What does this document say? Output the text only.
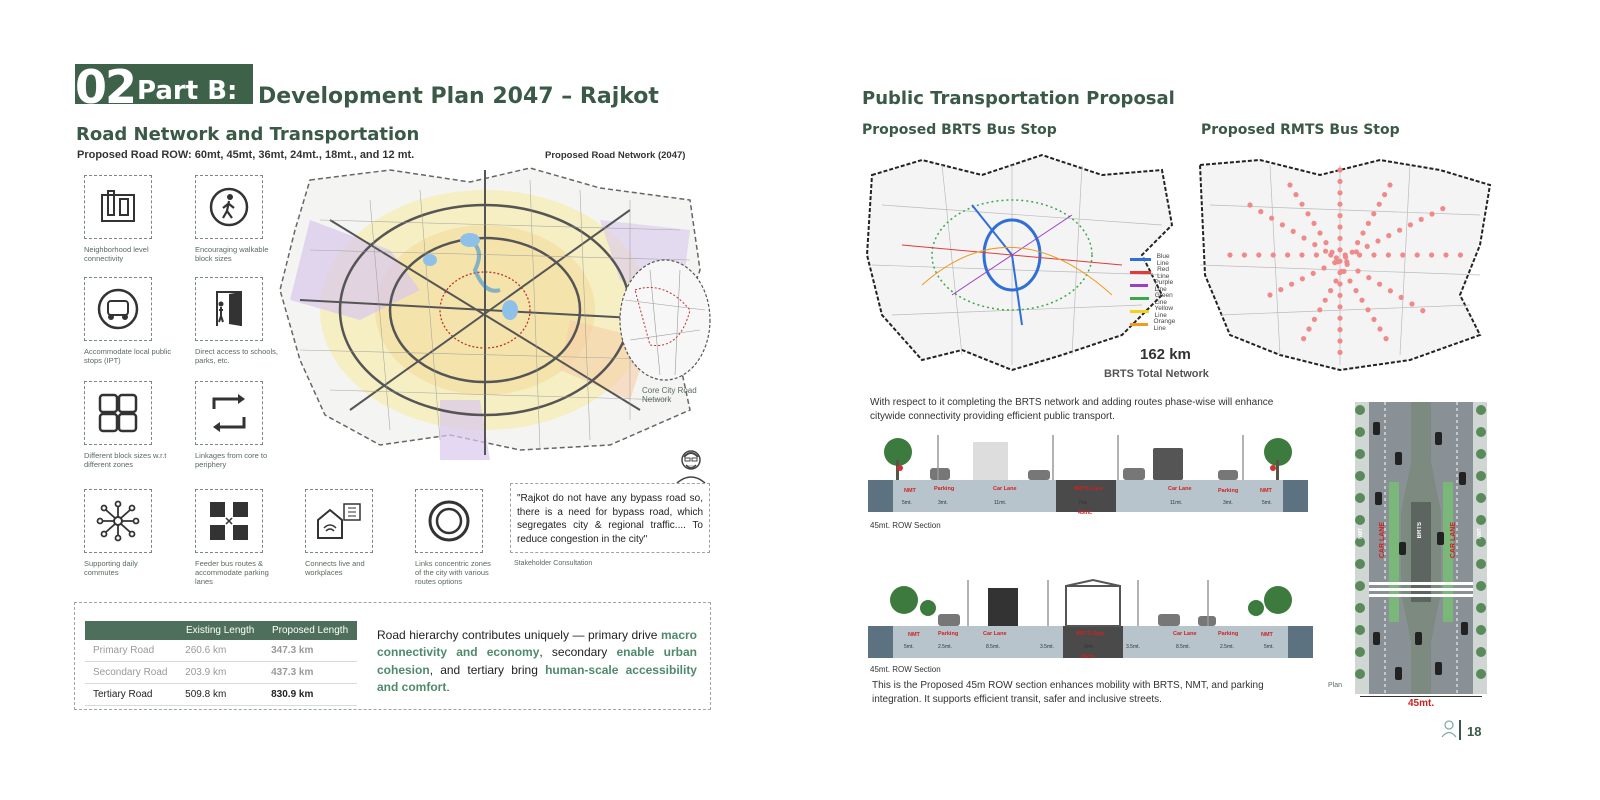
02 Part B: Development Plan 2047 – Rajkot
Road Network and Transportation
Proposed Road ROW: 60mt, 45mt, 36mt, 24mt., 18mt., and 12 mt.	Proposed Road Network (2047)
Neighborhood level connectivity
Encouraging walkable block sizes
Accommodate local public stops (IPT)
Direct access to schools, parks, etc.
Different block sizes w.r.t different zones
Linkages from core to periphery
Supporting daily commutes
Feeder bus routes & accommodate parking lanes
Connects live and workplaces
Links concentric zones of the city with various routes options
Core City Road Network
"Rajkot do not have any bypass road so, there is a need for bypass road, which segregates city & regional traffic.... To reduce congestion in the city"
Stakeholder Consultation
	Existing Length	Proposed Length
Primary Road	260.6 km	347.3 km
Secondary Road	203.9 km	437.3 km
Tertiary Road	509.8 km	830.9 km
Road hierarchy contributes uniquely — primary drive macro connectivity and economy, secondary enable urban cohesion, and tertiary bring human-scale accessibility and comfort.
Public Transportation Proposal
Proposed BRTS Bus Stop	Proposed RMTS Bus Stop
Blue Line
Red Line
Purple Line
Green Line
Yellow Line
Orange Line
162 km
BRTS Total Network
With respect to it completing the BRTS network and adding routes phase-wise will enhance citywide connectivity providing efficient public transport.
NMT	Parking	Car Lane	BRTS Lane	Car Lane	Parking	NMT
5mt.	3mt.	11mt.	7mt.	11mt.	3mt.	5mt.
45mt.
45mt. ROW Section
NMT	Parking	Car Lane	BRTS Stop	Car Lane	Parking	NMT
5mt.	2.5mt.	8.5mt.	3.5mt.	6mt.	3.5mt.	8.5mt.	2.5mt.	5mt.
45mt.
45mt. ROW Section
This is the Proposed 45m ROW section enhances mobility with BRTS, NMT, and parking integration. It supports efficient transit, safer and inclusive streets.
Plan
CAR LANE	CAR LANE
BRTS
NMT	NMT
45mt.
18
